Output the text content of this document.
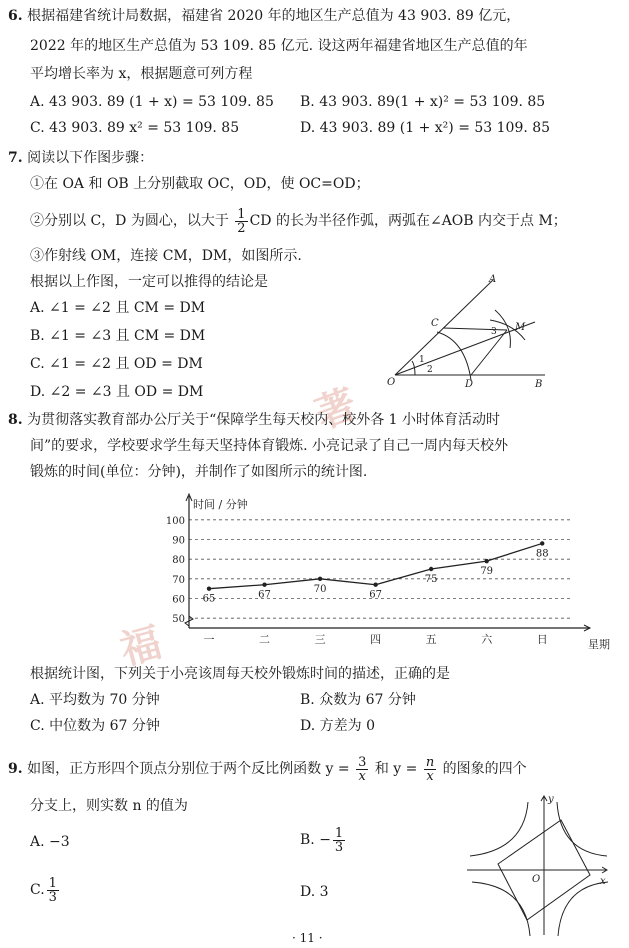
福
著
6. 根据福建省统计局数据，福建省 2020 年的地区生产总值为 43 903. 89 亿元，
2022 年的地区生产总值为 53 109. 85 亿元. 设这两年福建省地区生产总值的年
平均增长率为 x，根据题意可列方程
A. 43 903. 89 (1 + x) = 53 109. 85 B. 43 903. 89(1 + x)² = 53 109. 85
C. 43 903. 89 x² = 53 109. 85	D. 43 903. 89 (1 + x²) = 53 109. 85
7. 阅读以下作图步骤：
①在 OA 和 OB 上分别截取 OC，OD，使 OC=OD；
②分别以 C，D 为圆心，以大于 $\frac{1}{2}$ CD 的长为半径作弧，两弧在∠AOB 内交于点 M；
③作射线 OM，连接 CM，DM，如图所示.
根据以上作图，一定可以推得的结论是
A. ∠1 = ∠2 且 CM = DM
B. ∠1 = ∠3 且 CM = DM
C. ∠1 = ∠2 且 OD = DM
D. ∠2 = ∠3 且 OD = DM
A
C	M
O	D	B
1
2
3
8. 为贯彻落实教育部办公厅关于“保障学生每天校内、校外各 1 小时体育活动时
间”的要求，学校要求学生每天坚持体育锻炼. 小亮记录了自己一周内每天校外
锻炼的时间(单位：分钟)，并制作了如图所示的统计图.
50
60
70
80
90
100
一	二	三	四	五	六	日
65	67
70
67
75
79
88
时间 / 分钟
星期
根据统计图，下列关于小亮该周每天校外锻炼时间的描述，正确的是
A. 平均数为 70 分钟	B. 众数为 67 分钟
C. 中位数为 67 分钟	D. 方差为 0
9. 如图，正方形四个顶点分别位于两个反比例函数 $y = \frac{3}{x}$ 和 $y = \frac{n}{x}$ 的图象的四个
分支上，则实数 n 的值为
A. −3	B. − $\frac{1}{3}$
C. $\frac{1}{3}$	D. 3
x
y
O
· 11 ·
